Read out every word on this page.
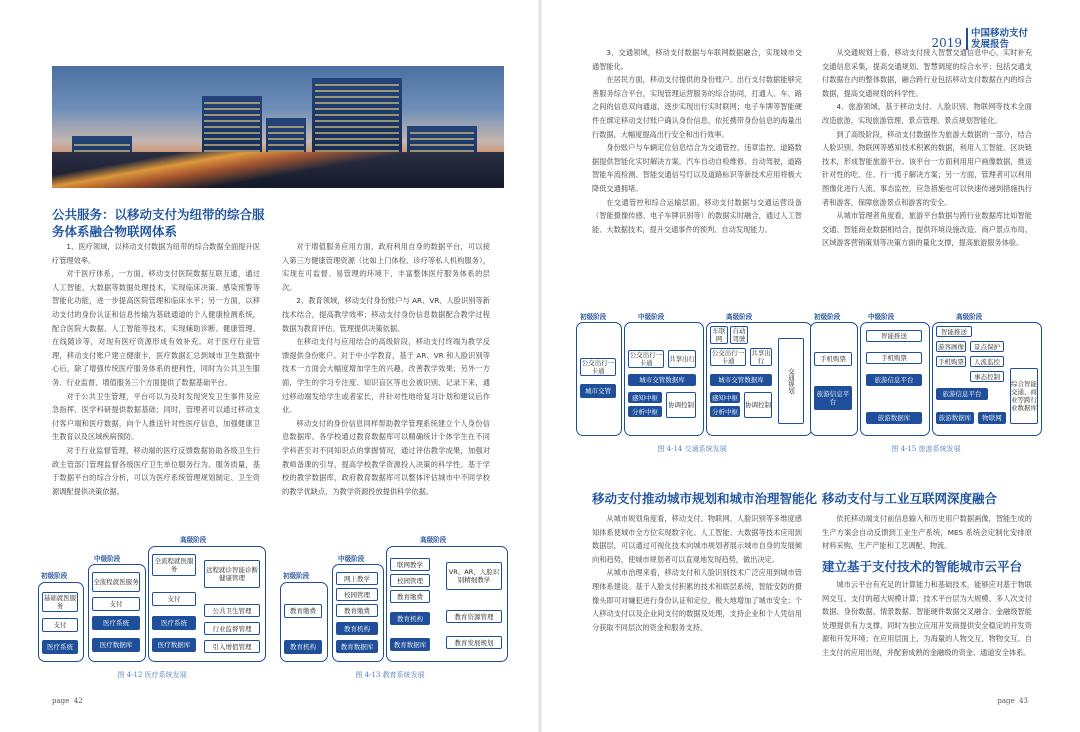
公共服务：以移动支付为纽带的综合服务体系融合物联网体系

1、医疗领域，以移动支付数据为纽带的综合数据全面提升医疗管理效率。

对于医疗体系，一方面，移动支付医院数据互联互通，通过人工智能、大数据等数据处理技术，实现临床决策、感染预警等智能化功能，进一步提高医院管理和临床水平；另一方面，以移动支付的身份认证和信息传输为基础通道的个人健康检测系统，配合医院大数据、人工智能等技术，实现辅助诊断、健康管理、在线随诊等，对现有医疗资源形成有效补充。对于医疗行业管理，移动支付账户建立健康卡，医疗数据汇总到城市卫生数据中心后，除了增强传统医疗服务体系的便利性，同时为公共卫生服务、行业监督、增值服务三个方面提供了数据基础平台。

对于公共卫生管理，平台可以为及时发现突发卫生事件及应急指挥、医学科研提供数据基础；同时，管理者可以通过移动支付客户端和医疗数据，向个人推送针对性医疗信息，加强健康卫生教育以及区域疾病预防。

对于行业监督管理，移动端的医疗反馈数据协助各级卫生行政主管部门管理监督各级医疗卫生单位服务行为、服务质量，基于数据平台的综合分析，可以为医疗系统管理规划制定、卫生资源调配提供决策依据。

对于增值服务应用方面，政府利用自身的数据平台，可以接入第三方健康管理资源（比如上门体检、诊疗等私人机构服务），实现在可监督、易管理的环境下，丰富整体医疗服务体系的层次。

2、教育领域，移动支付身份账户与 AR、VR、人脸识别等新技术结合，提高教学效率；移动支付身份信息数据配合教学过程数据为教育评估、管理提供决策依据。

在移动支付与应用结合的高级阶段，移动支付终端为教学反馈提供身份账户。对于中小学教育，基于 AR、VR 和人脸识别等技术一方面会大幅度增加学生的兴趣，改善教学效果；另外一方面，学生的学习专注度、知识盲区等也会被识别、记录下来，通过移动端发给学生或者家长，并针对性地给复习计划和建议后作业。

移动支付的身份信息同样帮助教学管理系统建立个人身份信息数据库。各学校通过教育数据库可以精确统计个体学生在不同学科甚至对不同知识点的掌握情况，通过评估教学成果，加强对教师备课的引导，提高学校教学资源投入决策的科学性。基于学校的教学数据库，政府教育数据库可以整体评估城市中不同学校的教学优缺点，为教学资源投放提供科学依据。

初级阶段
中级阶段
高级阶段
基础就医服务
支付
医疗系统
全流程就医服务
支付
医疗系统
医疗数据库
全流程就医服务
支付
医疗系统
医疗数据库
远程就诊智能诊断健康管理
公共卫生管理
行业监督管理
引入增值管理
图 4-12 医疗系统发展
初级阶段
中级阶段
高级阶段
教育缴费
教育机构
网上教学
校园管理
教育缴费
教育机构
教育数据库
联网教学
校园管理
教育缴费
教育机构
教育数据库
VR、AR、人脸识别精细教学
教育资源管理
教育发展规划
图 4-13 教育系统发展
page 42
2019
中国移动支付
发展报告

3、交通领域，移动支付数据与车联网数据融合，实现城市交通智能化。

在居民方面，移动支付提供的身份账户、出行支付数据能够完善服务综合平台，实现管理运营服务的综合协同，打通人、车、路之间的信息双向通道，逐步实现出行实时联网；电子车牌等智能硬件在绑定移动支付账户确认身份信息，依托携带身份信息的海量出行数据，大幅度提高出行安全和出行效率。

身份账户与车辆定位信息结合为交通管控、违章监控、道路数据提供智能化实时解决方案。汽车自动自检维修、自动驾驶，道路智能车流检测、智能交通信号灯以及道路标识等新技术应用将极大降低交通拥堵。

在交通管控和综合运输层面，移动支付数据与交通运营设备（智能摄像传感、电子车牌识别等）的数据实时融合，通过人工智能、大数据技术，提升交通事件的预判、自动发现能力。

从交通规划上看，移动支付接入智慧交通信息中心，实时补充交通信息采集，提高交通规划、智慧调度的综合水平；包括交通支付数据在内的整体数据，融合跨行业包括移动支付数据在内的综合数据，提高交通规划的科学性。

4、旅游领域，基于移动支付、人脸识别、物联网等技术全面改造旅游，实现旅游管理、景点管理、景点规划智能化。

到了高级阶段，移动支付数据作为旅游大数据的一部分，结合人脸识别、物联网等感知技术积累的数据，利用人工智能、区块链技术，形成智能旅游平台。该平台一方面利用用户画像数据，推送针对性的吃、住、行一揽子解决方案；另一方面，管理者可以利用图像化进行人流、事态监控，应急措施也可以快速传递到措施执行者和游客，保障旅游景点和游客的安全。

从城市管理者角度看，旅游平台数据与跨行业数据库比如智能交通、智能商业数据相结合，提供环境设施改造、商户景点布局、区域游客营销策划等决策方面的量化支撑，提高旅游服务体验。

初级阶段	中级阶段	高级阶段
公交出行一卡通
城市交管
公交出行一卡通	共享出行
城市交管数据库
感知中枢
分析中枢
协调控制
车联网
自动驾驶
公交出行一卡通
共享出行
城市交管数据库
感知中枢
分析中枢
协调控制
交通规划
图 4-14 交通系统发展
初级阶段	中级阶段	高级阶段
手机购票
旅游信息平台
智能推送
手机购票
旅游信息平台
旅游数据库
智能推送
游客画像	景点保护
手机购票	人流监控
事态控制
旅游信息平台
旅游数据库	物联网
综合智能交通、商业等跨行业数据库
图 4-15 旅游系统发展
移动支付推动城市规划和城市治理智能化

从城市规划角度看，移动支付、物联网、人脸识别等多维度感知体系使城市全方位实现数字化。人工智能、大数据等技术应用到数据层，可以通过可视化技术向城市规划者展示城市自身的发展倾向和趋势，使城市规划者可以直观地发现趋势，做出决定。

从城市治理来看，移动支付和人脸识别技术广泛应用到城市管理体系建设。基于人脸支付积累的技术和底层系统，智能安防的摄像头即可对嫌犯进行身份认证和定位，极大地增加了城市安全；个人移动支付以及企业间支付的数据及处理，支持企业和个人凭信用分获取不同层次的资金和服务支持。

移动支付与工业互联网深度融合

依托移动端支付前信息输入和历史用户数据画像，智能生成的生产方案会自动反馈到工业生产系统，MES 系统会定制化安排原材料采购、生产产能和工艺调配、物流。

建立基于支付技术的智能城市云平台

城市云平台有充足的计算能力和基础技术，能够应对基于物联网交互、支付的超大规模计算；技术平台层为大规模、多人次支付数据、身份数据、情景数据、智能硬件数据交叉融合、金融级智能处理提供有力支撑，同时为独立应用开发商提供安全稳定的开发资源和开发环境；在应用层面上，为海量的人物交互、物物交互、自主支付的应用出现，并配套成熟的金融级的资金、通道安全体系。

page 43
